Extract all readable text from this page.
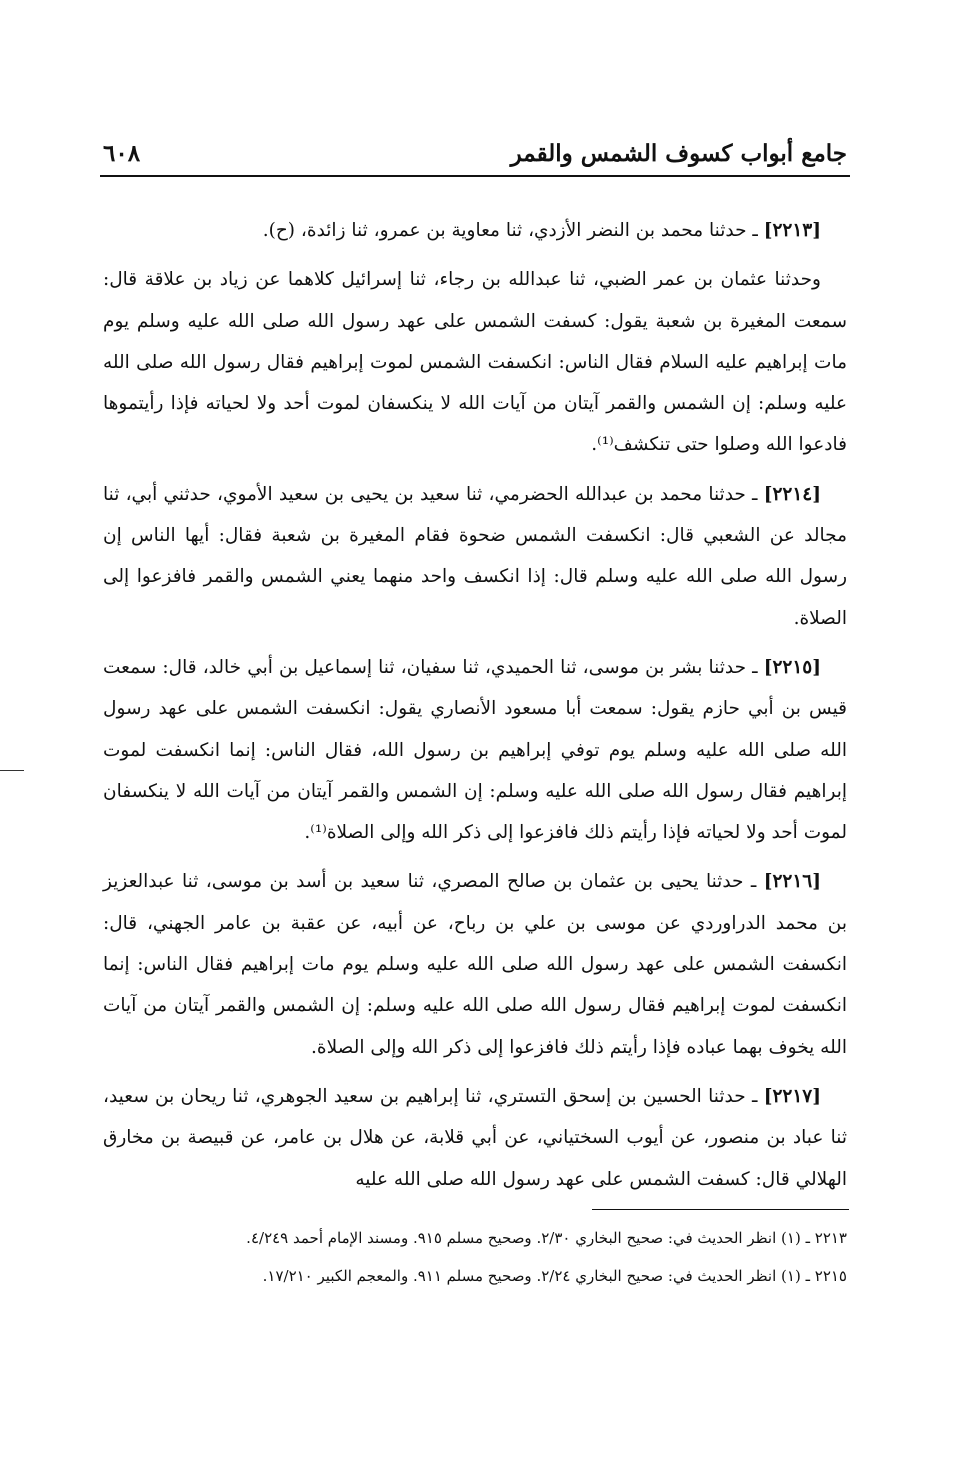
جامع أبواب كسوف الشمس والقمر
٦٠٨

[٢٢١٣] ـ حدثنا محمد بن النضر الأزدي، ثنا معاوية بن عمرو، ثنا زائدة، (ح).

وحدثنا عثمان بن عمر الضبي، ثنا عبدالله بن رجاء، ثنا إسرائيل كلاهما عن زياد بن علاقة قال: سمعت المغيرة بن شعبة يقول: كسفت الشمس على عهد رسول الله صلى الله عليه وسلم يوم مات إبراهيم عليه السلام فقال الناس: انكسفت الشمس لموت إبراهيم فقال رسول الله صلى الله عليه وسلم: إن الشمس والقمر آيتان من آيات الله لا ينكسفان لموت أحد ولا لحياته فإذا رأيتموها فادعوا الله وصلوا حتى تنكشف⁽¹⁾.

[٢٢١٤] ـ حدثنا محمد بن عبدالله الحضرمي، ثنا سعيد بن يحيى بن سعيد الأموي، حدثني أبي، ثنا مجالد عن الشعبي قال: انكسفت الشمس ضحوة فقام المغيرة بن شعبة فقال: أيها الناس إن رسول الله صلى الله عليه وسلم قال: إذا انكسف واحد منهما يعني الشمس والقمر فافزعوا إلى الصلاة.

[٢٢١٥] ـ حدثنا بشر بن موسى، ثنا الحميدي، ثنا سفيان، ثنا إسماعيل بن أبي خالد، قال: سمعت قيس بن أبي حازم يقول: سمعت أبا مسعود الأنصاري يقول: انكسفت الشمس على عهد رسول الله صلى الله عليه وسلم يوم توفي إبراهيم بن رسول الله، فقال الناس: إنما انكسفت لموت إبراهيم فقال رسول الله صلى الله عليه وسلم: إن الشمس والقمر آيتان من آيات الله لا ينكسفان لموت أحد ولا لحياته فإذا رأيتم ذلك فافزعوا إلى ذكر الله وإلى الصلاة⁽¹⁾.

[٢٢١٦] ـ حدثنا يحيى بن عثمان بن صالح المصري، ثنا سعيد بن أسد بن موسى، ثنا عبدالعزيز بن محمد الدراوردي عن موسى بن علي بن رباح، عن أبيه، عن عقبة بن عامر الجهني، قال: انكسفت الشمس على عهد رسول الله صلى الله عليه وسلم يوم مات إبراهيم فقال الناس: إنما انكسفت لموت إبراهيم فقال رسول الله صلى الله عليه وسلم: إن الشمس والقمر آيتان من آيات الله يخوف بهما عباده فإذا رأيتم ذلك فافزعوا إلى ذكر الله وإلى الصلاة.

[٢٢١٧] ـ حدثنا الحسين بن إسحق التستري، ثنا إبراهيم بن سعيد الجوهري، ثنا ريحان بن سعيد، ثنا عباد بن منصور، عن أيوب السختياني، عن أبي قلابة، عن هلال بن عامر، عن قبيصة بن مخارق الهلالي قال: كسفت الشمس على عهد رسول الله صلى الله عليه

٢٢١٣ ـ (١) انظر الحديث في: صحيح البخاري ٢/٣٠. وصحيح مسلم ٩١٥. ومسند الإمام أحمد ٤/٢٤٩.

٢٢١٥ ـ (١) انظر الحديث في: صحيح البخاري ٢/٢٤. وصحيح مسلم ٩١١. والمعجم الكبير ١٧/٢١٠.
